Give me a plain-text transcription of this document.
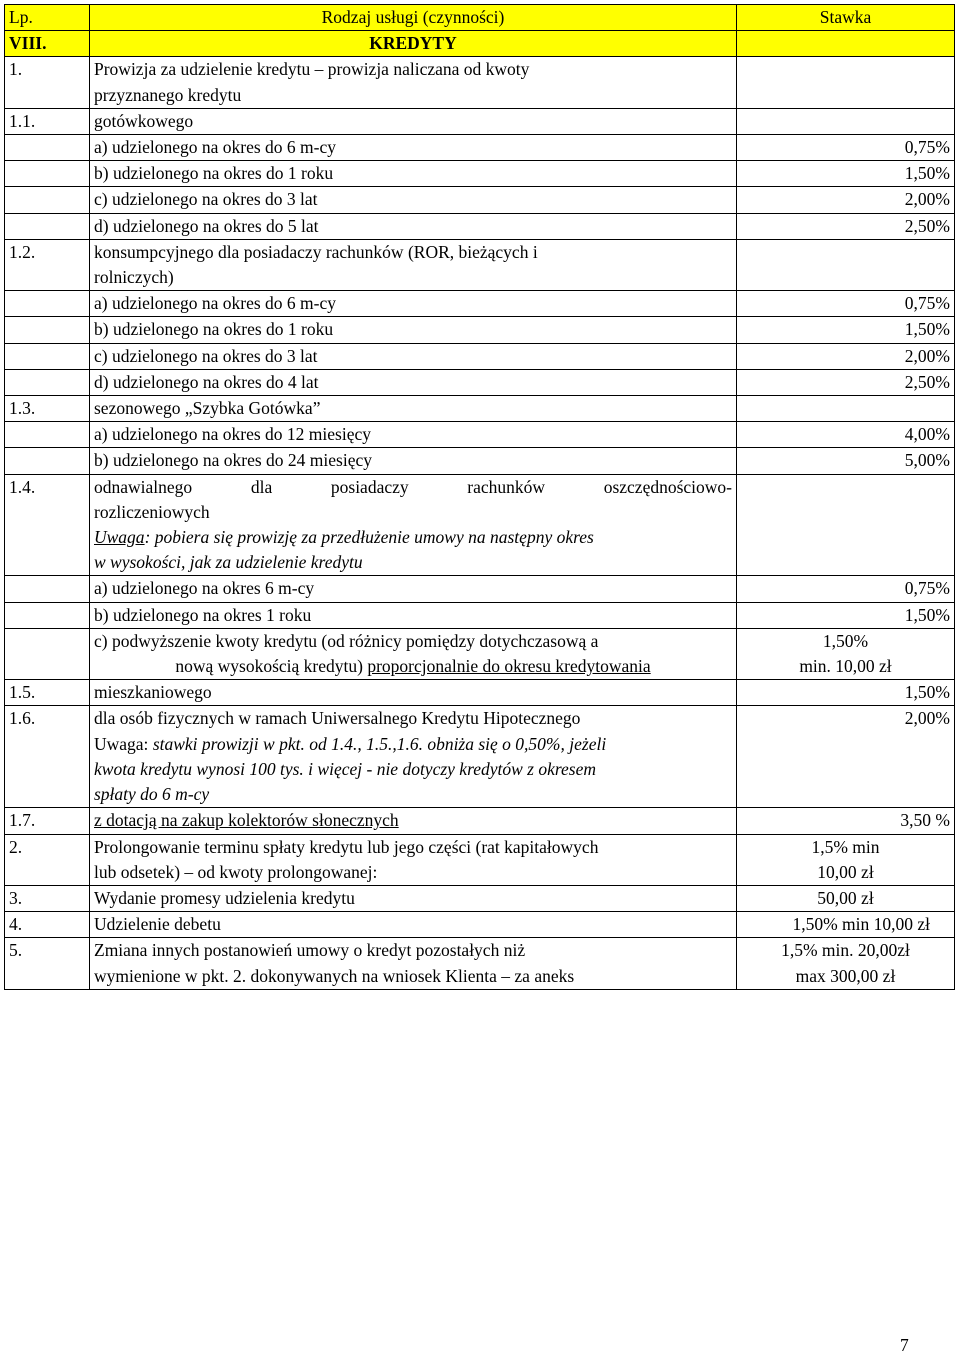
Lp.	Rodzaj usługi (czynności)	Stawka
VIII.	KREDYTY	
1.	Prowizja za udzielenie kredytu – prowizja naliczana od kwoty
przyznanego kredytu	

1.1.	gotówkowego	
	a) udzielonego na okres do 6 m-cy	0,75%
	b) udzielonego na okres do 1 roku	1,50%
	c) udzielonego na okres do 3 lat	2,00%
	d) udzielonego na okres do 5 lat	2,50%
1.2.	konsumpcyjnego dla posiadaczy rachunków (ROR, bieżących i
rolniczych)	

	a) udzielonego na okres do 6 m-cy	0,75%
	b) udzielonego na okres do 1 roku	1,50%
	c) udzielonego na okres do 3 lat	2,00%
	d) udzielonego na okres do 4 lat	2,50%
1.3.	sezonowego „Szybka Gotówka”	
	a) udzielonego na okres do 12 miesięcy	4,00%
	b) udzielonego na okres do 24 miesięcy	5,00%
1.4.	odnawialnego dla posiadaczy rachunków oszczędnościowo-
rozliczeniowych
Uwaga: pobiera się prowizję za przedłużenie umowy na następny okres
w wysokości, jak za udzielenie kredytu	

	a) udzielonego na okres 6 m-cy	0,75%
	b) udzielonego na okres 1 roku	1,50%

	c) podwyższenie kwoty kredytu (od różnicy pomiędzy dotychczasową a
nową wysokością kredytu) proporcjonalnie do okresu kredytowania	1,50%
min. 10,00 zł

1.5.	mieszkaniowego	1,50%
1.6.	dla osób fizycznych w ramach Uniwersalnego Kredytu Hipotecznego
Uwaga: stawki prowizji w pkt. od 1.4., 1.5.,1.6. obniża się o 0,50%, jeżeli
kwota kredytu wynosi 100 tys. i więcej - nie dotyczy kredytów z okresem
spłaty do 6 m-cy	2,00%
1.7.	z dotacją na zakup kolektorów słonecznych	3,50 %
2.	Prolongowanie terminu spłaty kredytu lub jego części (rat kapitałowych
lub odsetek) – od kwoty prolongowanej:	1,5% min
10,00 zł

3.	Wydanie promesy udzielenia kredytu	50,00 zł
4.	Udzielenie debetu	1,50% min 10,00 zł
5.	Zmiana innych postanowień umowy o kredyt pozostałych niż
wymienione w pkt. 2. dokonywanych na wniosek Klienta – za aneks	1,5% min. 20,00zł
max 300,00 zł
7
